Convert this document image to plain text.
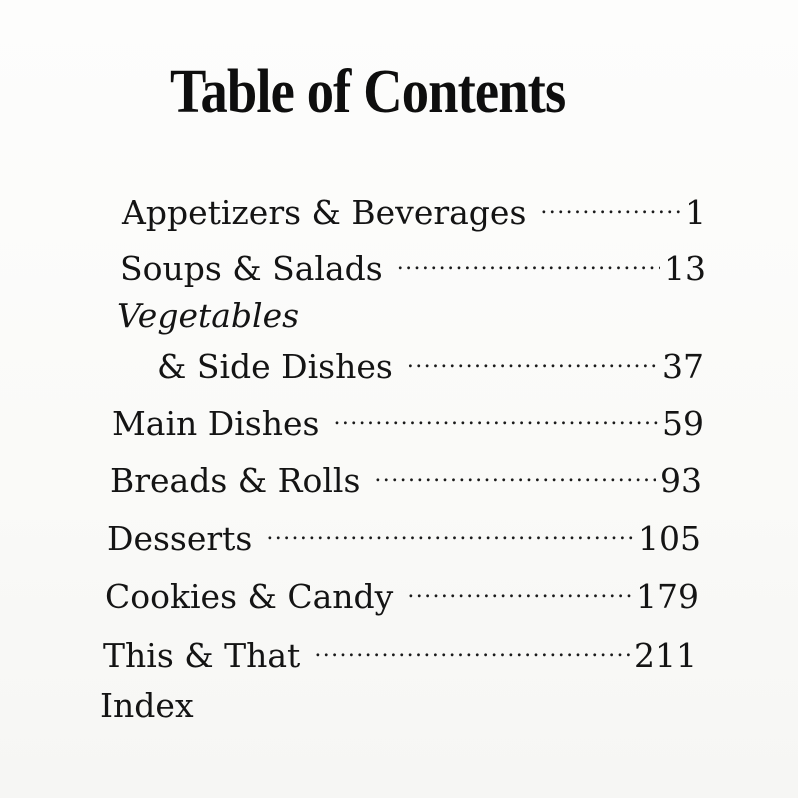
Table of Contents
Appetizers & Beverages .....	1
Soups & Salads .....	13
Vegetables
& Side Dishes .....	37
Main Dishes .....	59
Breads & Rolls .....	93
Desserts .....	105
Cookies & Candy .....	179
This & That .....	211
Index
